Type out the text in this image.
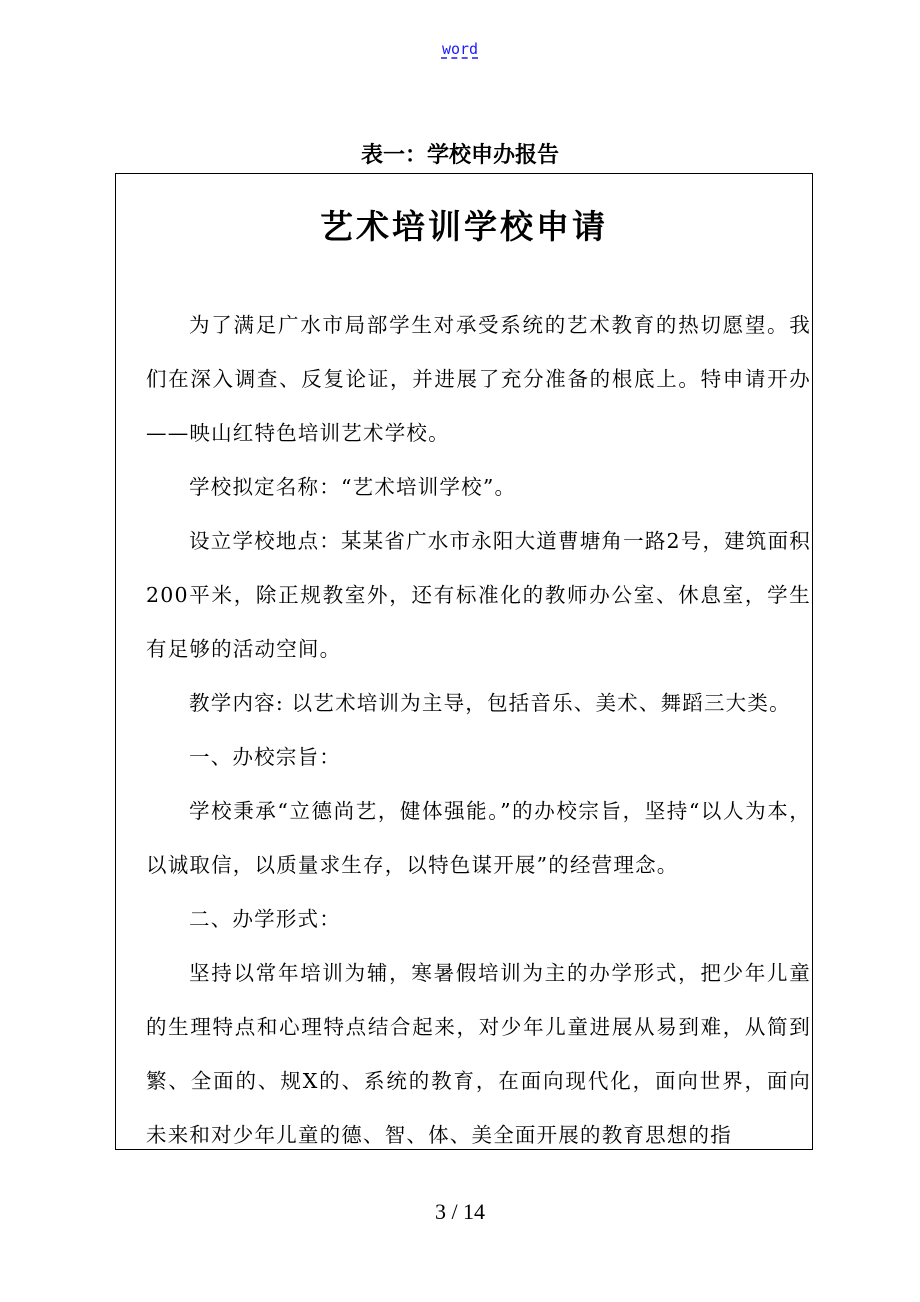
word
表一：学校申办报告
艺术培训学校申请

为了满足广水市局部学生对承受系统的艺术教育的热切愿望。我们在深入调查、反复论证，并进展了充分准备的根底上。特申请开办——映山红特色培训艺术学校。

学校拟定名称：“艺术培训学校”。

设立学校地点：某某省广水市永阳大道曹塘角一路2号，建筑面积200平米，除正规教室外，还有标准化的教师办公室、休息室，学生有足够的活动空间。

教学内容: 以艺术培训为主导，包括音乐、美术、舞蹈三大类。

一、办校宗旨：

学校秉承“立德尚艺，健体强能。”的办校宗旨，坚持“以人为本，以诚取信，以质量求生存，以特色谋开展”的经营理念。

二、办学形式：

坚持以常年培训为辅，寒暑假培训为主的办学形式，把少年儿童的生理特点和心理特点结合起来，对少年儿童进展从易到难，从简到繁、全面的、规X的、系统的教育，在面向现代化，面向世界，面向未来和对少年儿童的德、智、体、美全面开展的教育思想的指

3 / 14
